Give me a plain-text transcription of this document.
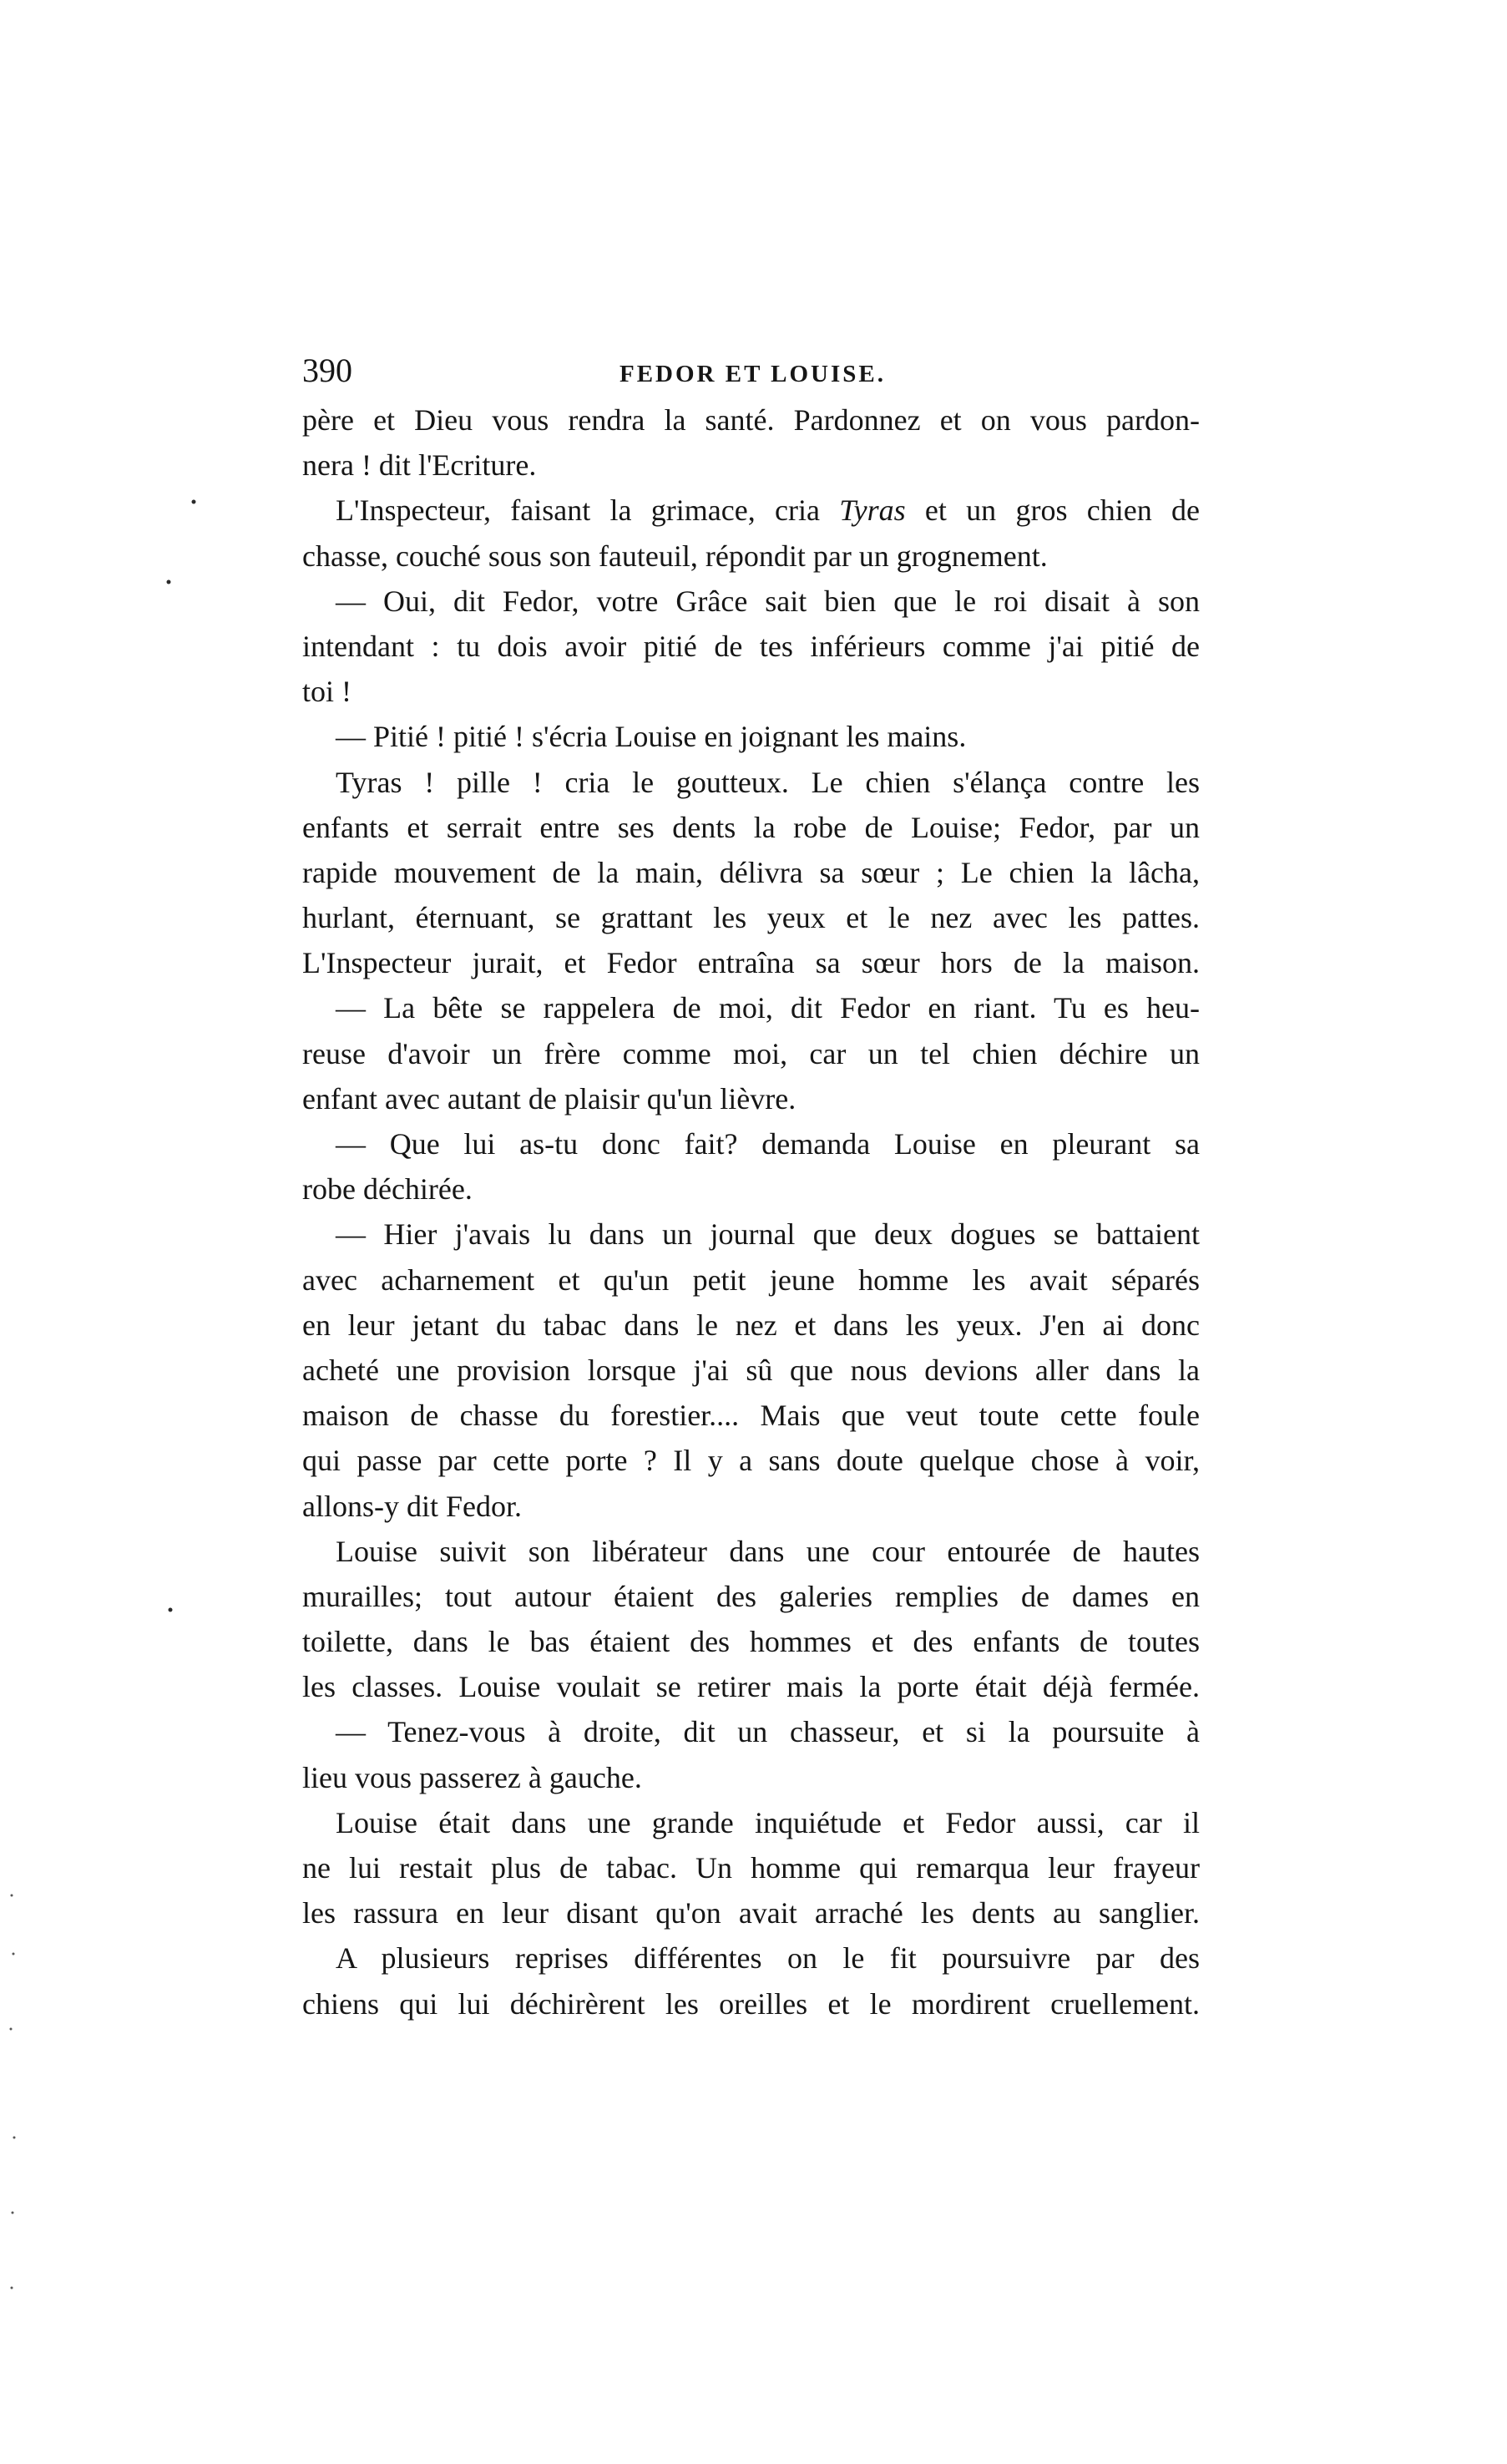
390	FEDOR ET LOUISE.
père et Dieu vous rendra la santé. Pardonnez et on vous pardon-
nera ! dit l'Ecriture.
L'Inspecteur, faisant la grimace, cria Tyras et un gros chien de
chasse, couché sous son fauteuil, répondit par un grognement.
— Oui, dit Fedor, votre Grâce sait bien que le roi disait à son
intendant : tu dois avoir pitié de tes inférieurs comme j'ai pitié de
toi !
— Pitié ! pitié ! s'écria Louise en joignant les mains.
Tyras ! pille ! cria le goutteux. Le chien s'élança contre les
enfants et serrait entre ses dents la robe de Louise; Fedor, par un
rapide mouvement de la main, délivra sa sœur ; Le chien la lâcha,
hurlant, éternuant, se grattant les yeux et le nez avec les pattes.
L'Inspecteur jurait, et Fedor entraîna sa sœur hors de la maison.
— La bête se rappelera de moi, dit Fedor en riant. Tu es heu-
reuse d'avoir un frère comme moi, car un tel chien déchire un
enfant avec autant de plaisir qu'un lièvre.
— Que lui as-tu donc fait? demanda Louise en pleurant sa
robe déchirée.
— Hier j'avais lu dans un journal que deux dogues se battaient
avec acharnement et qu'un petit jeune homme les avait séparés
en leur jetant du tabac dans le nez et dans les yeux. J'en ai donc
acheté une provision lorsque j'ai sû que nous devions aller dans la
maison de chasse du forestier.... Mais que veut toute cette foule
qui passe par cette porte ? Il y a sans doute quelque chose à voir,
allons-y dit Fedor.
Louise suivit son libérateur dans une cour entourée de hautes
murailles; tout autour étaient des galeries remplies de dames en
toilette, dans le bas étaient des hommes et des enfants de toutes
les classes. Louise voulait se retirer mais la porte était déjà fermée.
— Tenez-vous à droite, dit un chasseur, et si la poursuite à
lieu vous passerez à gauche.
Louise était dans une grande inquiétude et Fedor aussi, car il
ne lui restait plus de tabac. Un homme qui remarqua leur frayeur
les rassura en leur disant qu'on avait arraché les dents au sanglier.
A plusieurs reprises différentes on le fit poursuivre par des
chiens qui lui déchirèrent les oreilles et le mordirent cruellement.
